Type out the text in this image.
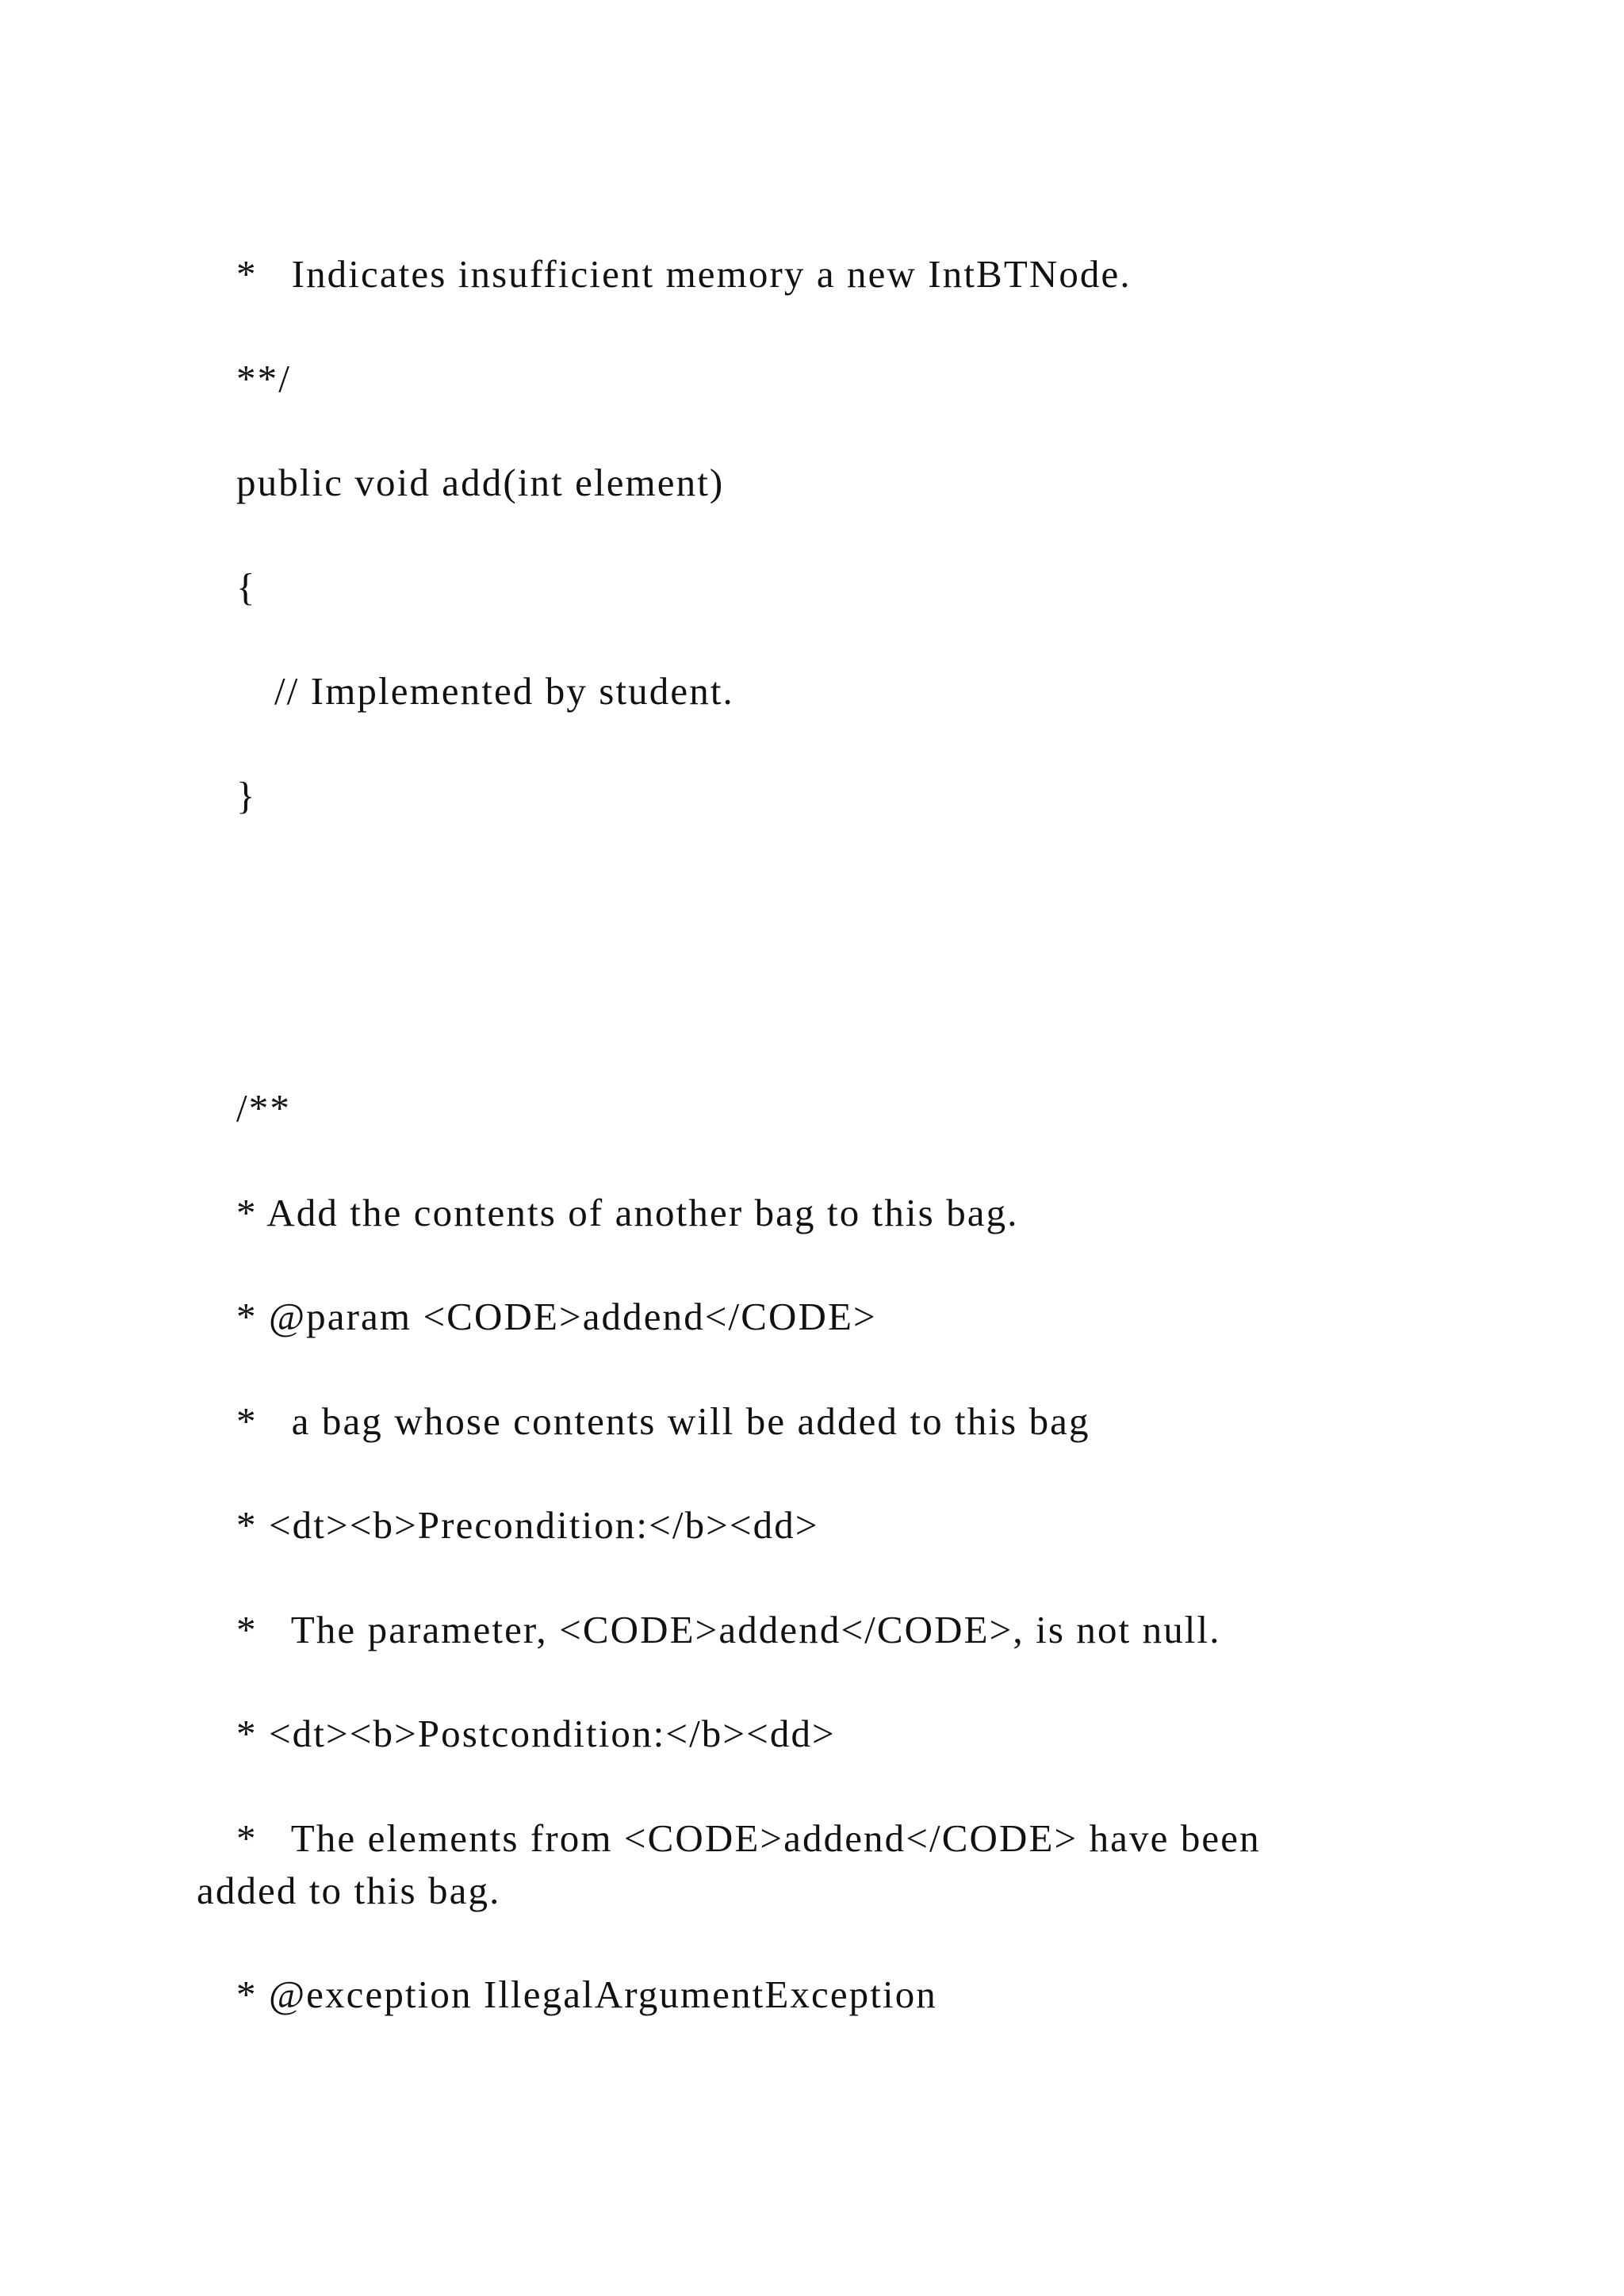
*   Indicates insufficient memory a new IntBTNode.
**/
public void add(int element)
{
// Implemented by student.
}
/**
* Add the contents of another bag to this bag.
* @param <CODE>addend</CODE>
*   a bag whose contents will be added to this bag
* <dt><b>Precondition:</b><dd>
*   The parameter, <CODE>addend</CODE>, is not null.
* <dt><b>Postcondition:</b><dd>
*   The elements from <CODE>addend</CODE> have been
added to this bag.
* @exception IllegalArgumentException
